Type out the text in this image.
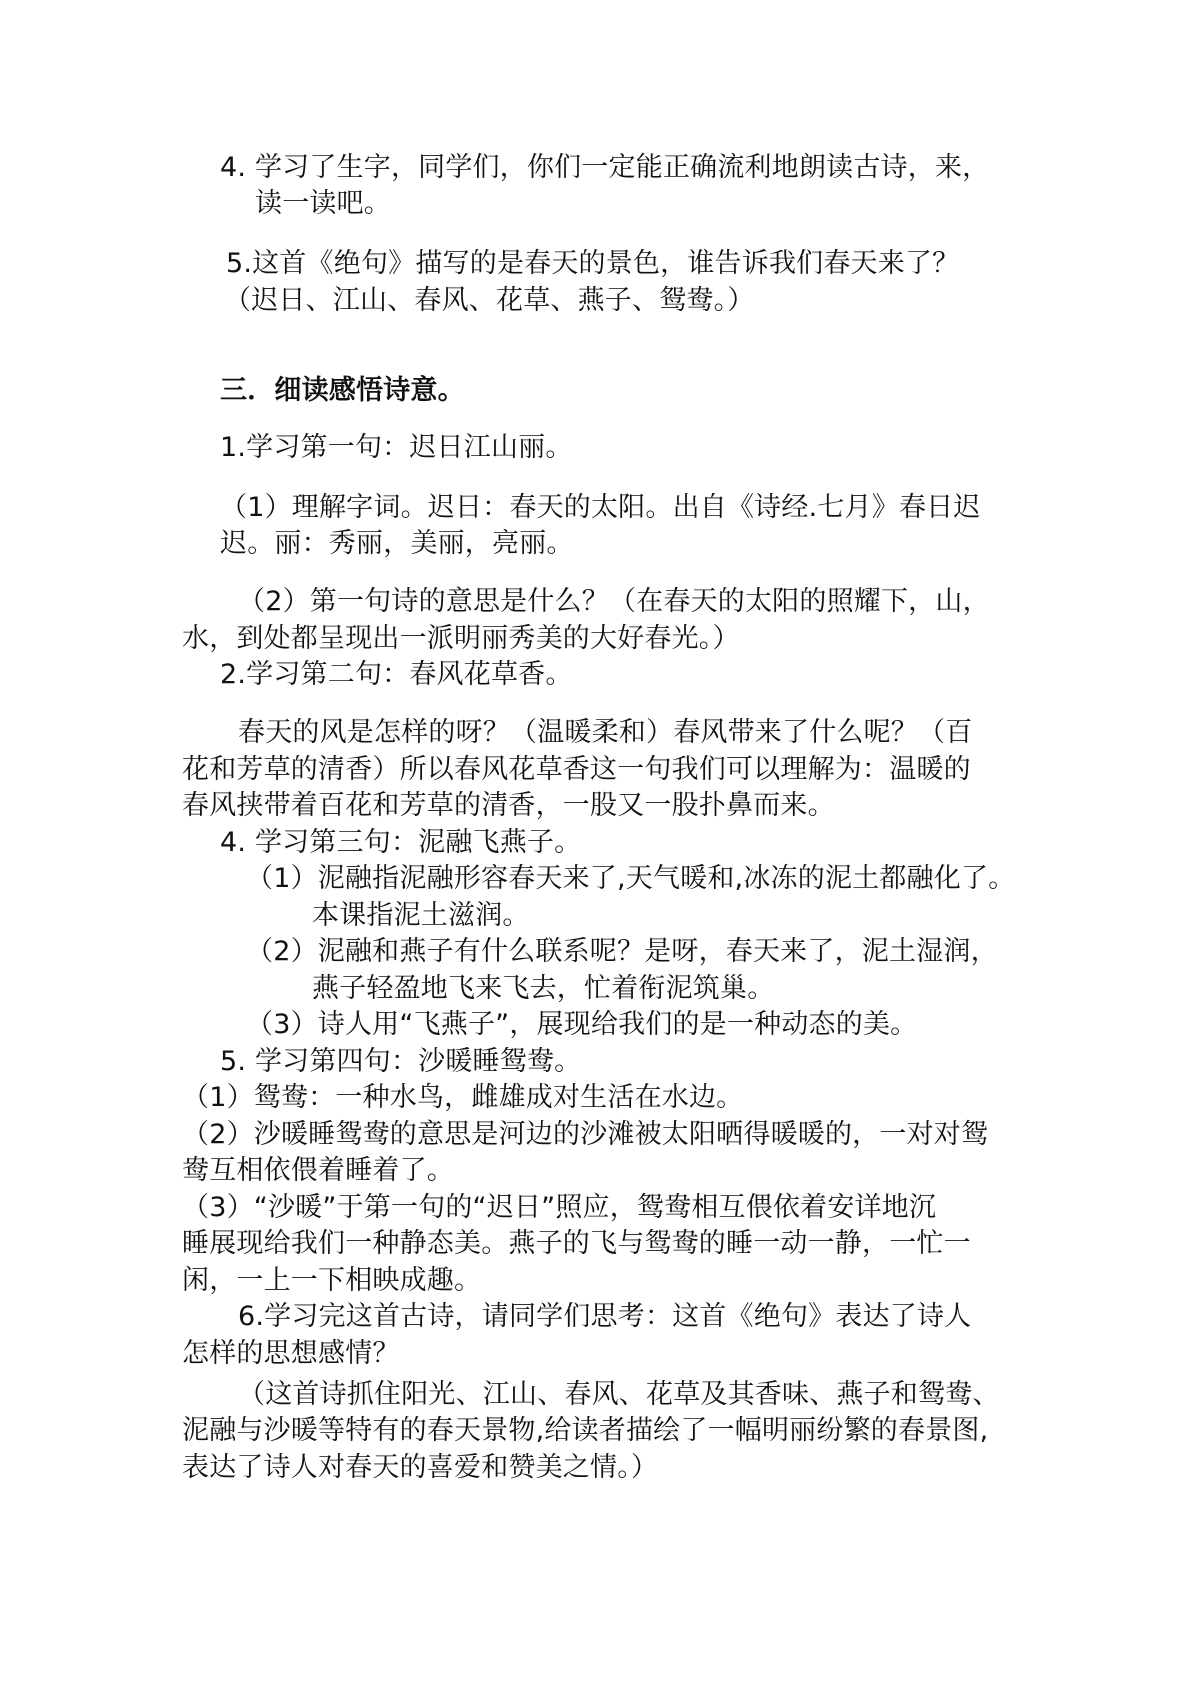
4. 学习了生字，同学们，你们一定能正确流利地朗读古诗，来，

读一读吧。

5.这首《绝句》描写的是春天的景色，谁告诉我们春天来了？

（迟日、江山、春风、花草、燕子、鸳鸯。）

三．细读感悟诗意。

1.学习第一句：迟日江山丽。

（1）理解字词。迟日：春天的太阳。出自《诗经.七月》春日迟

迟。丽：秀丽，美丽，亮丽。

（2）第一句诗的意思是什么？（在春天的太阳的照耀下，山，

水，到处都呈现出一派明丽秀美的大好春光。）

2.学习第二句：春风花草香。

春天的风是怎样的呀？（温暖柔和）春风带来了什么呢？（百

花和芳草的清香）所以春风花草香这一句我们可以理解为：温暖的

春风挟带着百花和芳草的清香，一股又一股扑鼻而来。

4. 学习第三句：泥融飞燕子。

（1）泥融指泥融形容春天来了,天气暖和,冰冻的泥土都融化了。

本课指泥土滋润。

（2）泥融和燕子有什么联系呢？是呀，春天来了，泥土湿润，

燕子轻盈地飞来飞去，忙着衔泥筑巢。

（3）诗人用“飞燕子”，展现给我们的是一种动态的美。

5. 学习第四句：沙暖睡鸳鸯。

（1）鸳鸯：一种水鸟，雌雄成对生活在水边。

（2）沙暖睡鸳鸯的意思是河边的沙滩被太阳晒得暖暖的，一对对鸳

鸯互相依偎着睡着了。

（3）“沙暖”于第一句的“迟日”照应，鸳鸯相互偎依着安详地沉

睡展现给我们一种静态美。燕子的飞与鸳鸯的睡一动一静，一忙一

闲，一上一下相映成趣。

6.学习完这首古诗，请同学们思考：这首《绝句》表达了诗人

怎样的思想感情？

（这首诗抓住阳光、江山、春风、花草及其香味、燕子和鸳鸯、

泥融与沙暖等特有的春天景物,给读者描绘了一幅明丽纷繁的春景图,

表达了诗人对春天的喜爱和赞美之情。）
